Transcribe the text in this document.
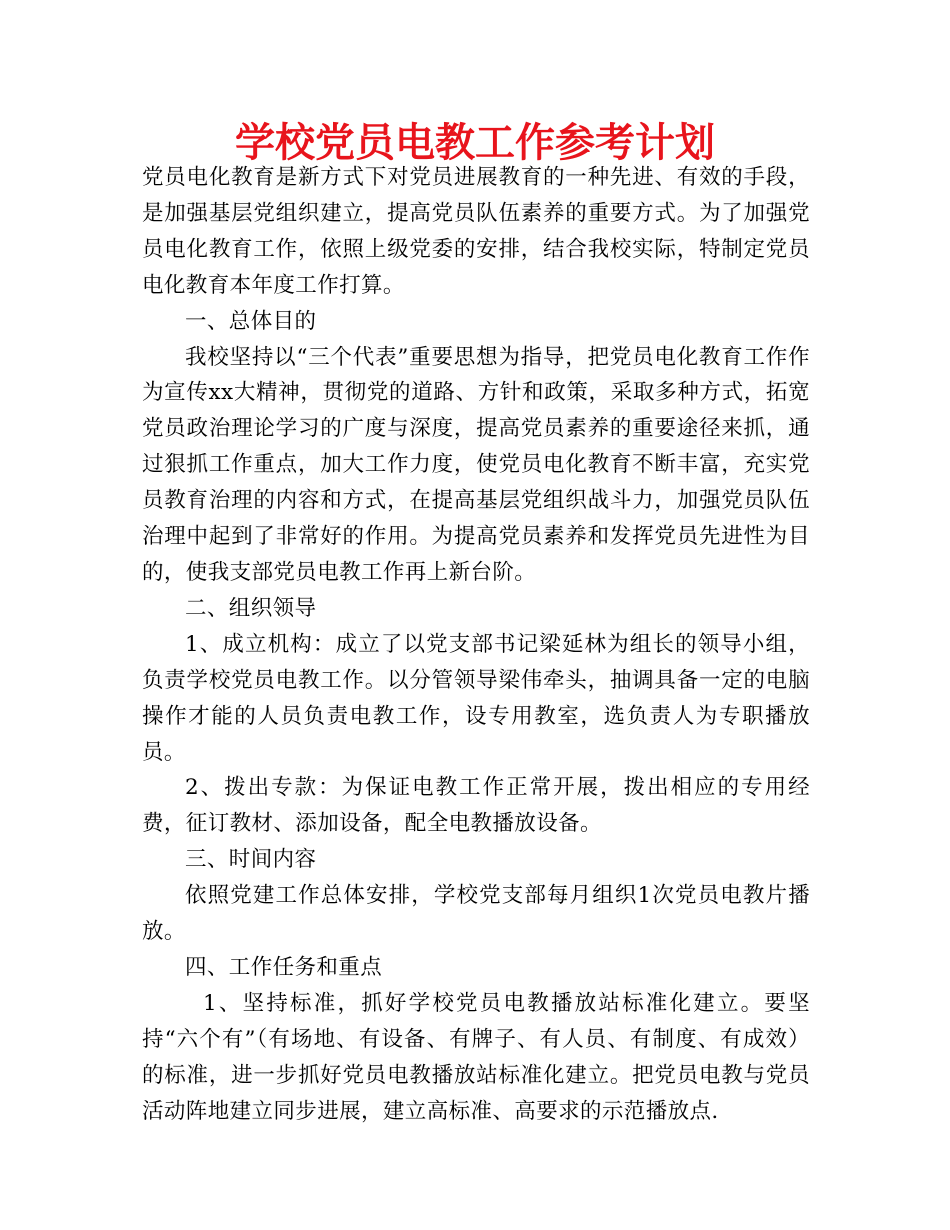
学校党员电教工作参考计划

党员电化教育是新方式下对党员进展教育的一种先进、有效的手段，是加强基层党组织建立，提高党员队伍素养的重要方式。为了加强党员电化教育工作，依照上级党委的安排，结合我校实际，特制定党员电化教育本年度工作打算。

一、总体目的

我校坚持以“三个代表”重要思想为指导，把党员电化教育工作作为宣传xx大精神，贯彻党的道路、方针和政策，采取多种方式，拓宽党员政治理论学习的广度与深度，提高党员素养的重要途径来抓，通过狠抓工作重点，加大工作力度，使党员电化教育不断丰富，充实党员教育治理的内容和方式，在提高基层党组织战斗力，加强党员队伍治理中起到了非常好的作用。为提高党员素养和发挥党员先进性为目的，使我支部党员电教工作再上新台阶。

二、组织领导

1、成立机构：成立了以党支部书记梁延林为组长的领导小组，负责学校党员电教工作。以分管领导梁伟牵头，抽调具备一定的电脑操作才能的人员负责电教工作，设专用教室，选负责人为专职播放员。

2、拨出专款：为保证电教工作正常开展，拨出相应的专用经费，征订教材、添加设备，配全电教播放设备。

三、时间内容

依照党建工作总体安排，学校党支部每月组织1次党员电教片播放。

四、工作任务和重点

1、坚持标准，抓好学校党员电教播放站标准化建立。要坚持“六个有”（有场地、有设备、有牌子、有人员、有制度、有成效）的标准，进一步抓好党员电教播放站标准化建立。把党员电教与党员活动阵地建立同步进展，建立高标准、高要求的示范播放点.
